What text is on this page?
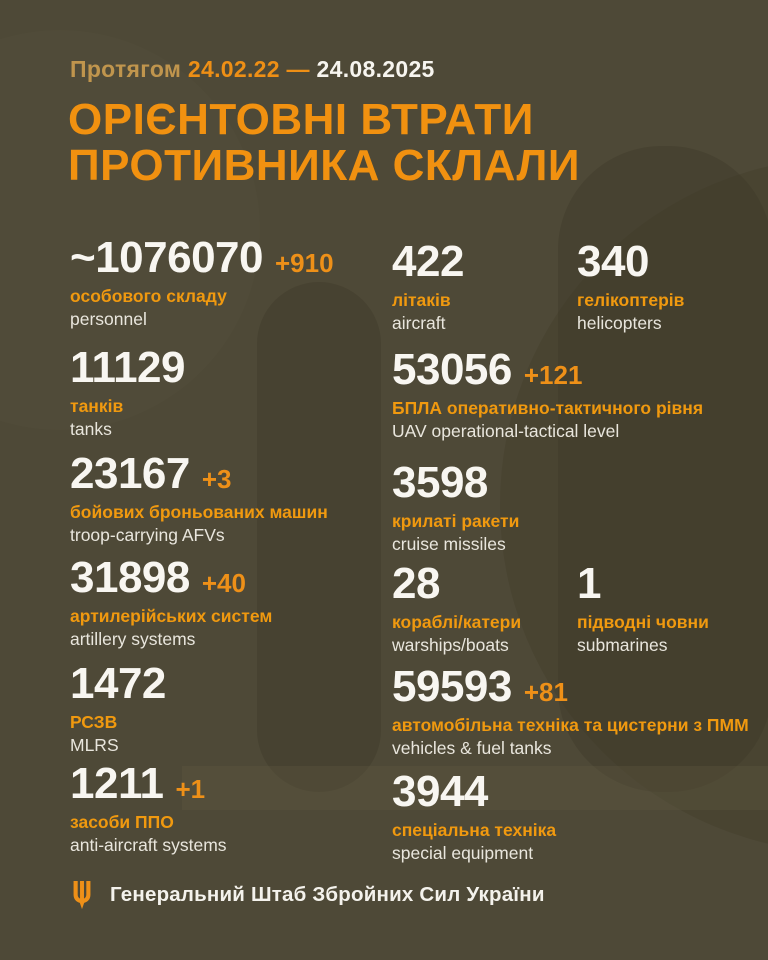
Протягом 24.02.22 — 24.08.2025
ОРІЄНТОВНІ ВТРАТИ
ПРОТИВНИКА СКЛАЛИ
~1076070 +910
особового складу
personnel
422
літаків
aircraft
340
гелікоптерів
helicopters
11129
танків
tanks
53056 +121
БПЛА оперативно-тактичного рівня
UAV operational-tactical level
23167 +3
бойових броньованих машин
troop-carrying AFVs
3598
крилаті ракети
cruise missiles
31898 +40
артилерійських систем
artillery systems
28
кораблі/катери
warships/boats
1
підводні човни
submarines
1472
РСЗВ
MLRS
59593 +81
автомобільна техніка та цистерни з ПММ
vehicles & fuel tanks
1211 +1
засоби ППО
anti-aircraft systems
3944
спеціальна техніка
special equipment
Генеральний Штаб Збройних Сил України
